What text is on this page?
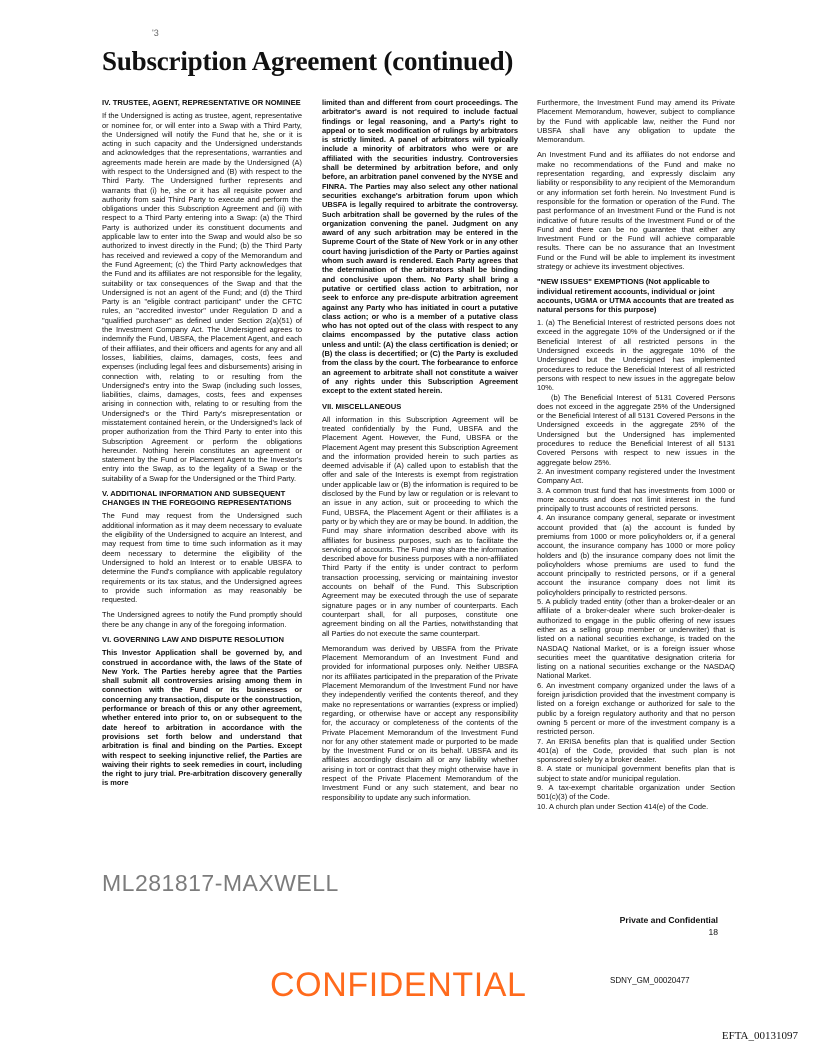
'3
Subscription Agreement (continued)
IV. TRUSTEE, AGENT, REPRESENTATIVE OR NOMINEE

If the Undersigned is acting as trustee, agent, representative or nominee for, or will enter into a Swap with a Third Party, the Undersigned will notify the Fund that he, she or it is acting in such capacity and the Undersigned understands and acknowledges that the representations, warranties and agreements made herein are made by the Undersigned (A) with respect to the Undersigned and (B) with respect to the Third Party. The Undersigned further represents and warrants that (i) he, she or it has all requisite power and authority from said Third Party to execute and perform the obligations under this Subscription Agreement and (ii) with respect to a Third Party entering into a Swap: (a) the Third Party is authorized under its constituent documents and applicable law to enter into the Swap and would also be so authorized to invest directly in the Fund; (b) the Third Party has received and reviewed a copy of the Memorandum and the Fund Agreement; (c) the Third Party acknowledges that the Fund and its affiliates are not responsible for the legality, suitability or tax consequences of the Swap and that the Undersigned is not an agent of the Fund; and (d) the Third Party is an "eligible contract participant" under the CFTC rules, an "accredited investor" under Regulation D and a "qualified purchaser" as defined under Section 2(a)(51) of the Investment Company Act. The Undersigned agrees to indemnify the Fund, UBSFA, the Placement Agent, and each of their affiliates, and their officers and agents for any and all losses, liabilities, claims, damages, costs, fees and expenses (including legal fees and disbursements) arising in connection with, relating to or resulting from the Undersigned's entry into the Swap (including such losses, liabilities, claims, damages, costs, fees and expenses arising in connection with, relating to or resulting from the Undersigned's or the Third Party's misrepresentation or misstatement contained herein, or the Undersigned's lack of proper authorization from the Third Party to enter into this Subscription Agreement or perform the obligations hereunder. Nothing herein constitutes an agreement or statement by the Fund or Placement Agent to the Investor's entry into the Swap, as to the legality of a Swap or the suitability of a Swap for the Undersigned or the Third Party.

V. ADDITIONAL INFORMATION AND SUBSEQUENT CHANGES IN THE FOREGOING REPRESENTATIONS

The Fund may request from the Undersigned such additional information as it may deem necessary to evaluate the eligibility of the Undersigned to acquire an Interest, and may request from time to time such information as it may deem necessary to determine the eligibility of the Undersigned to hold an Interest or to enable UBSFA to determine the Fund's compliance with applicable regulatory requirements or its tax status, and the Undersigned agrees to provide such information as may reasonably be requested.

The Undersigned agrees to notify the Fund promptly should there be any change in any of the foregoing information.

VI. GOVERNING LAW AND DISPUTE RESOLUTION

This Investor Application shall be governed by, and construed in accordance with, the laws of the State of New York. The Parties hereby agree that the Parties shall submit all controversies arising among them in connection with the Fund or its businesses or concerning any transaction, dispute or the construction, performance or breach of this or any other agreement, whether entered into prior to, on or subsequent to the date hereof to arbitration in accordance with the provisions set forth below and understand that arbitration is final and binding on the Parties. Except with respect to seeking injunctive relief, the Parties are waiving their rights to seek remedies in court, including the right to jury trial. Pre-arbitration discovery generally is more

limited than and different from court proceedings. The arbitrator's award is not required to include factual findings or legal reasoning, and a Party's right to appeal or to seek modification of rulings by arbitrators is strictly limited. A panel of arbitrators will typically include a minority of arbitrators who were or are affiliated with the securities industry. Controversies shall be determined by arbitration before, and only before, an arbitration panel convened by the NYSE and FINRA. The Parties may also select any other national securities exchange's arbitration forum upon which UBSFA is legally required to arbitrate the controversy. Such arbitration shall be governed by the rules of the organization convening the panel. Judgment on any award of any such arbitration may be entered in the Supreme Court of the State of New York or in any other court having jurisdiction of the Party or Parties against whom such award is rendered. Each Party agrees that the determination of the arbitrators shall be binding and conclusive upon them. No Party shall bring a putative or certified class action to arbitration, nor seek to enforce any pre-dispute arbitration agreement against any Party who has initiated in court a putative class action; or who is a member of a putative class who has not opted out of the class with respect to any claims encompassed by the putative class action unless and until: (A) the class certification is denied; or (B) the class is decertified; or (C) the Party is excluded from the class by the court. The forbearance to enforce an agreement to arbitrate shall not constitute a waiver of any rights under this Subscription Agreement except to the extent stated herein.

VII. MISCELLANEOUS

All information in this Subscription Agreement will be treated confidentially by the Fund, UBSFA and the Placement Agent. However, the Fund, UBSFA or the Placement Agent may present this Subscription Agreement and the information provided herein to such parties as deemed advisable if (A) called upon to establish that the offer and sale of the Interests is exempt from registration under applicable law or (B) the information is required to be disclosed by the Fund by law or regulation or is relevant to an issue in any action, suit or proceeding to which the Fund, UBSFA, the Placement Agent or their affiliates is a party or by which they are or may be bound. In addition, the Fund may share information described above with its affiliates for business purposes, such as to facilitate the servicing of accounts. The Fund may share the information described above for business purposes with a non-affiliated Third Party if the entity is under contract to perform transaction processing, servicing or maintaining investor accounts on behalf of the Fund. This Subscription Agreement may be executed through the use of separate signature pages or in any number of counterparts. Each counterpart shall, for all purposes, constitute one agreement binding on all the Parties, notwithstanding that all Parties do not execute the same counterpart.

Memorandum was derived by UBSFA from the Private Placement Memorandum of an Investment Fund and provided for informational purposes only. Neither UBSFA nor its affiliates participated in the preparation of the Private Placement Memorandum of the Investment Fund nor have they independently verified the contents thereof, and they make no representations or warranties (express or implied) regarding, or otherwise have or accept any responsibility for, the accuracy or completeness of the contents of the Private Placement Memorandum of the Investment Fund nor for any other statement made or purported to be made by the Investment Fund or on its behalf. UBSFA and its affiliates accordingly disclaim all or any liability whether arising in tort or contract that they might otherwise have in respect of the Private Placement Memorandum of the Investment Fund or any such statement, and bear no responsibility to update any such information.

Furthermore, the Investment Fund may amend its Private Placement Memorandum, however, subject to compliance by the Fund with applicable law, neither the Fund nor UBSFA shall have any obligation to update the Memorandum.

An Investment Fund and its affiliates do not endorse and make no recommendations of the Fund and make no representation regarding, and expressly disclaim any liability or responsibility to any recipient of the Memorandum or any information set forth herein. No Investment Fund is responsible for the formation or operation of the Fund. The past performance of an Investment Fund or the Fund is not indicative of future results of the Investment Fund or of the Fund and there can be no guarantee that either any Investment Fund or the Fund will achieve comparable results. There can be no assurance that an Investment Fund or the Fund will be able to implement its investment strategy or achieve its investment objectives.

"NEW ISSUES" EXEMPTIONS (Not applicable to individual retirement accounts, individual or joint accounts, UGMA or UTMA accounts that are treated as natural persons for this purpose)

1. (a) The Beneficial Interest of restricted persons does not exceed in the aggregate 10% of the Undersigned or if the Beneficial Interest of all restricted persons in the Undersigned exceeds in the aggregate 10% of the Undersigned but the Undersigned has implemented procedures to reduce the Beneficial Interest of all restricted persons with respect to new issues in the aggregate below 10%.

(b) The Beneficial Interest of 5131 Covered Persons does not exceed in the aggregate 25% of the Undersigned or the Beneficial Interest of all 5131 Covered Persons in the Undersigned exceeds in the aggregate 25% of the Undersigned but the Undersigned has implemented procedures to reduce the Beneficial Interest of all 5131 Covered Persons with respect to new issues in the aggregate below 25%.

2. An investment company registered under the Investment Company Act.

3. A common trust fund that has investments from 1000 or more accounts and does not limit interest in the fund principally to trust accounts of restricted persons.

4. An insurance company general, separate or investment account provided that (a) the account is funded by premiums from 1000 or more policyholders or, if a general account, the insurance company has 1000 or more policy holders and (b) the insurance company does not limit the policyholders whose premiums are used to fund the account principally to restricted persons, or if a general account the insurance company does not limit its policyholders principally to restricted persons.

5. A publicly traded entity (other than a broker-dealer or an affiliate of a broker-dealer where such broker-dealer is authorized to engage in the public offering of new issues either as a selling group member or underwriter) that is listed on a national securities exchange, is traded on the NASDAQ National Market, or is a foreign issuer whose securities meet the quantitative designation criteria for listing on a national securities exchange or the NASDAQ National Market.

6. An investment company organized under the laws of a foreign jurisdiction provided that the investment company is listed on a foreign exchange or authorized for sale to the public by a foreign regulatory authority and that no person owning 5 percent or more of the investment company is a restricted person.

7. An ERISA benefits plan that is qualified under Section 401(a) of the Code, provided that such plan is not sponsored solely by a broker dealer.

8. A state or municipal government benefits plan that is subject to state and/or municipal regulation.

9. A tax-exempt charitable organization under Section 501(c)(3) of the Code.

10. A church plan under Section 414(e) of the Code.

ML281817-MAXWELL
Private and Confidential
18
CONFIDENTIAL	SDNY_GM_00020477
EFTA_00131097
